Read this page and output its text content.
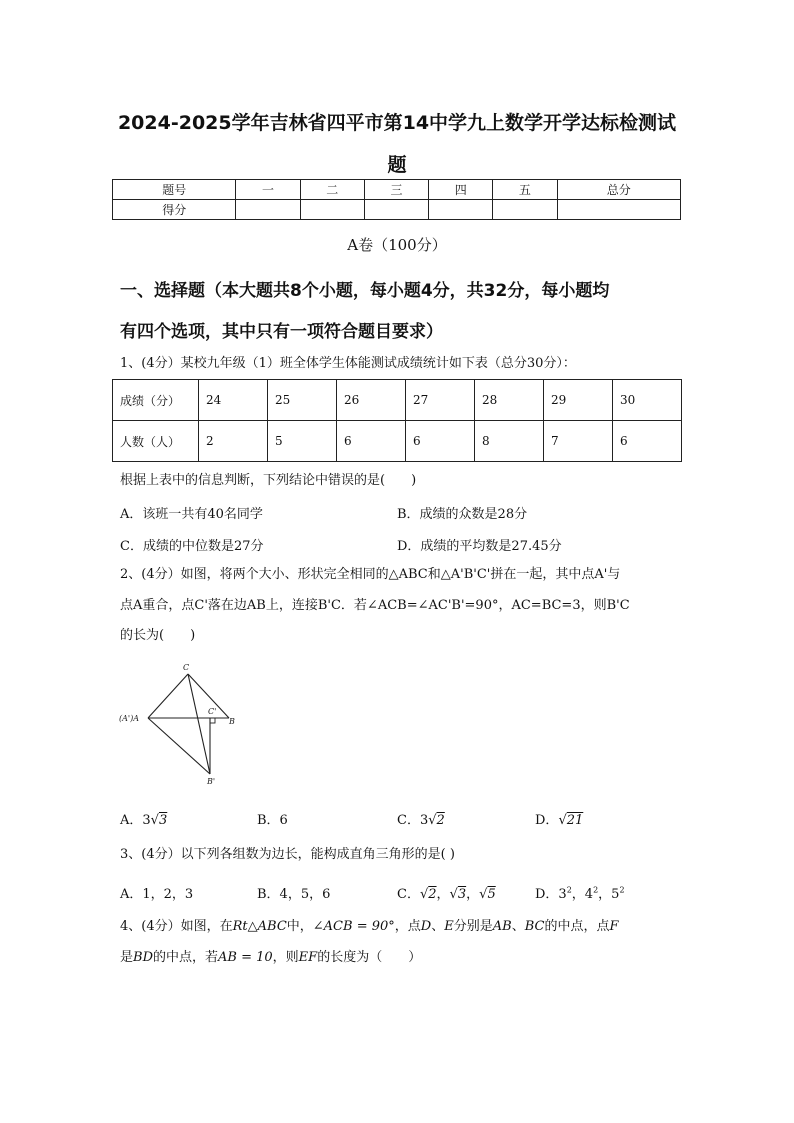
2024-2025学年吉林省四平市第14中学九上数学开学达标检测试
题
题号	一	二	三	四	五	总分
得分						
A卷（100分）
一、选择题（本大题共8个小题，每小题4分，共32分，每小题均
有四个选项，其中只有一项符合题目要求）
1、(4分）某校九年级（1）班全体学生体能测试成绩统计如下表（总分30分）：
成绩（分）	24	25	26	27	28	29	30
人数（人）	2	5	6	6	8	7	6
根据上表中的信息判断，下列结论中错误的是(　　)
A．该班一共有40名同学	B．成绩的众数是28分
C．成绩的中位数是27分	D．成绩的平均数是27.45分
2、(4分）如图，将两个大小、形状完全相同的△ABC和△A'B'C'拼在一起，其中点A'与
点A重合，点C'落在边AB上，连接B'C．若∠ACB=∠AC'B'=90°，AC=BC=3，则B'C
的长为(　　)
C
(A')A
C'
B
B'
A．3√3	B．6	C．3√2	D．√21
3、(4分）以下列各组数为边长，能构成直角三角形的是( )
A．1，2，3	B．4，5，6	C．√2，√3，√5	D．$3^2$，$4^2$，$5^2$
4、(4分）如图，在Rt△ABC中，∠ACB = 90°，点D、E分别是AB、BC的中点，点F
是BD的中点，若AB = 10，则EF的长度为（　　）
